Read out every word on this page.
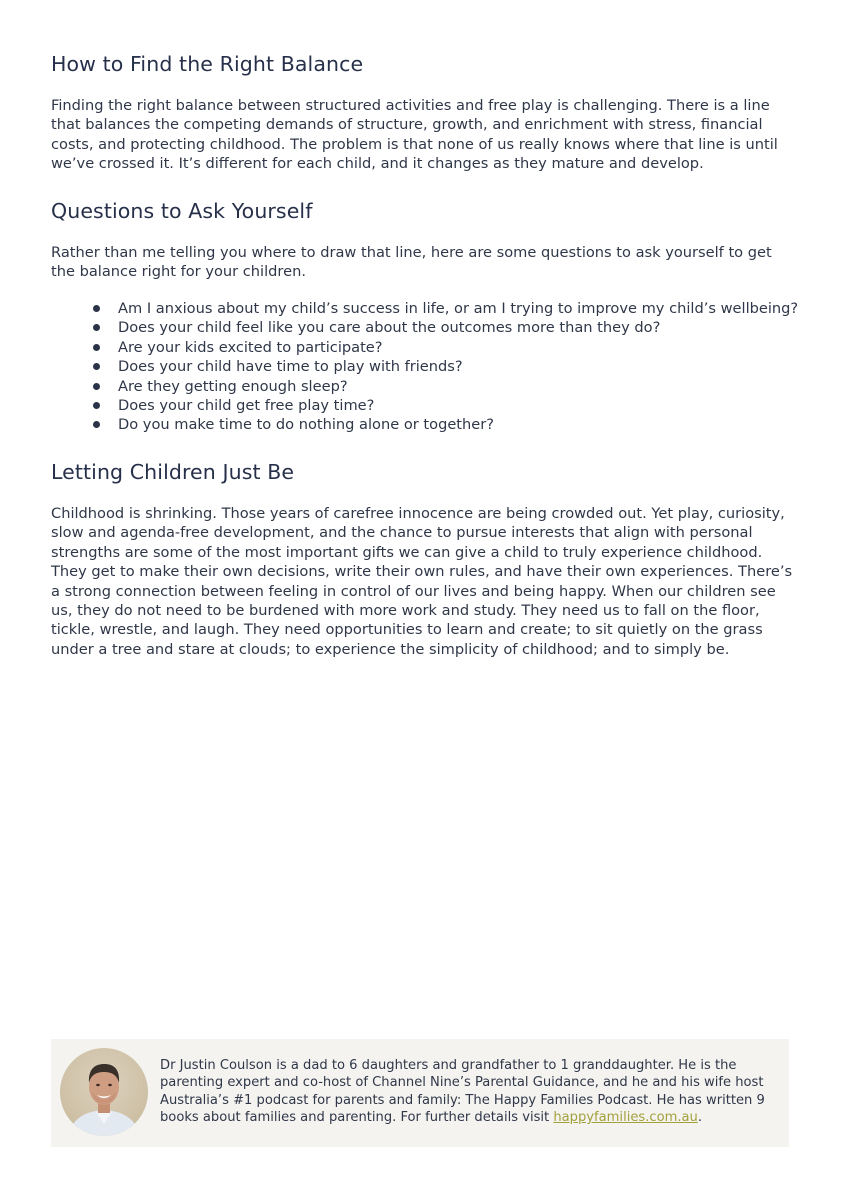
How to Find the Right Balance

Finding the right balance between structured activities and free play is challenging. There is a line that balances the competing demands of structure, growth, and enrichment with stress, financial costs, and protecting childhood. The problem is that none of us really knows where that line is until we’ve crossed it. It’s different for each child, and it changes as they mature and develop.

Questions to Ask Yourself

Rather than me telling you where to draw that line, here are some questions to ask yourself to get the balance right for your children.

Am I anxious about my child’s success in life, or am I trying to improve my child’s wellbeing?
Does your child feel like you care about the outcomes more than they do?
Are your kids excited to participate?
Does your child have time to play with friends?
Are they getting enough sleep?
Does your child get free play time?
Do you make time to do nothing alone or together?
Letting Children Just Be

Childhood is shrinking. Those years of carefree innocence are being crowded out. Yet play, curiosity, slow and agenda-free development, and the chance to pursue interests that align with personal strengths are some of the most important gifts we can give a child to truly experience childhood. They get to make their own decisions, write their own rules, and have their own experiences. There’s a strong connection between feeling in control of our lives and being happy. When our children see us, they do not need to be burdened with more work and study. They need us to fall on the floor, tickle, wrestle, and laugh. They need opportunities to learn and create; to sit quietly on the grass under a tree and stare at clouds; to experience the simplicity of childhood; and to simply be.

Dr Justin Coulson is a dad to 6 daughters and grandfather to 1 granddaughter. He is the parenting expert and co-host of Channel Nine’s Parental Guidance, and he and his wife host Australia’s #1 podcast for parents and family: The Happy Families Podcast. He has written 9 books about families and parenting. For further details visit happyfamilies.com.au.
